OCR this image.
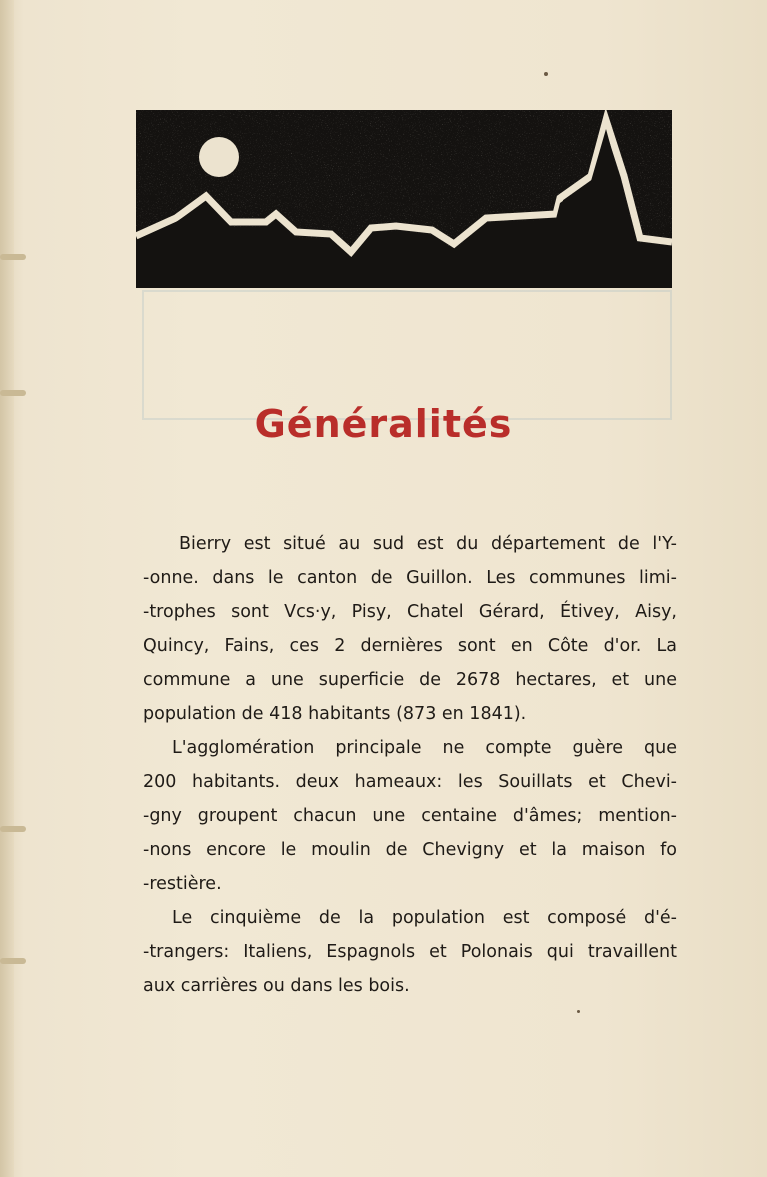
Généralités
Bierry est situé au sud est du département de l'Y-
-onne. dans le canton de Guillon. Les communes limi-
-trophes sont Vcs·y, Pisy, Chatel Gérard, Étivey, Aisy,
Quincy, Fains, ces 2 dernières sont en Côte d'or. La
commune a une superficie de 2678 hectares, et une
population de 418 habitants (873 en 1841).
L'agglomération principale ne compte guère que
200 habitants. deux hameaux: les Souillats et Chevi-
-gny groupent chacun une centaine d'âmes; mention-
-nons encore le moulin de Chevigny et la maison fo
-restière.
Le cinquième de la population est composé d'é-
-trangers: Italiens, Espagnols et Polonais qui travaillent
aux carrières ou dans les bois.
